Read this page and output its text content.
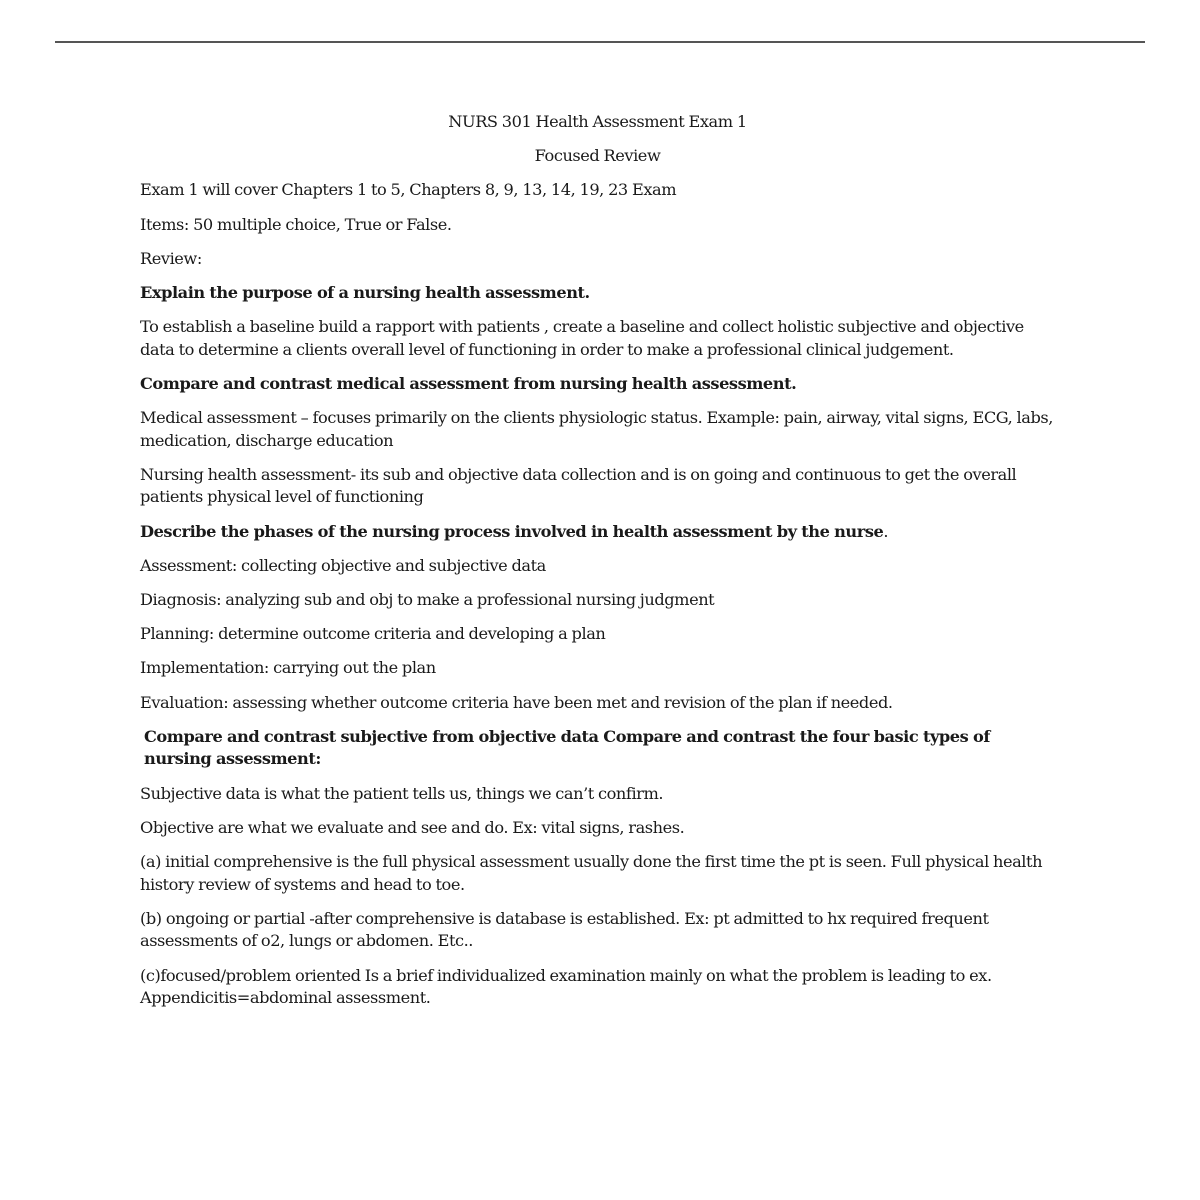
NURS 301 Health Assessment Exam 1

Focused Review

Exam 1 will cover Chapters 1 to 5, Chapters 8, 9, 13, 14, 19, 23 Exam

Items: 50 multiple choice, True or False.

Review:

Explain the purpose of a nursing health assessment.

To establish a baseline build a rapport with patients , create a baseline and collect holistic subjective and objective data to determine a clients overall level of functioning in order to make a professional clinical judgement.

Compare and contrast medical assessment from nursing health assessment.

Medical assessment – focuses primarily on the clients physiologic status. Example: pain, airway, vital signs, ECG, labs, medication, discharge education

Nursing health assessment- its sub and objective data collection and is on going and continuous to get the overall patients physical level of functioning

Describe the phases of the nursing process involved in health assessment by the nurse.

Assessment: collecting objective and subjective data

Diagnosis: analyzing sub and obj to make a professional nursing judgment

Planning: determine outcome criteria and developing a plan

Implementation: carrying out the plan

Evaluation: assessing whether outcome criteria have been met and revision of the plan if needed.

Compare and contrast subjective from objective data Compare and contrast the four basic types of nursing assessment:

Subjective data is what the patient tells us, things we can’t confirm.

Objective are what we evaluate and see and do. Ex: vital signs, rashes.

(a) initial comprehensive is the full physical assessment usually done the first time the pt is seen. Full physical health history review of systems and head to toe.

(b) ongoing or partial -after comprehensive is database is established. Ex: pt admitted to hx required frequent assessments of o2, lungs or abdomen. Etc..

(c)focused/problem oriented Is a brief individualized examination mainly on what the problem is leading to ex. Appendicitis=abdominal assessment.
